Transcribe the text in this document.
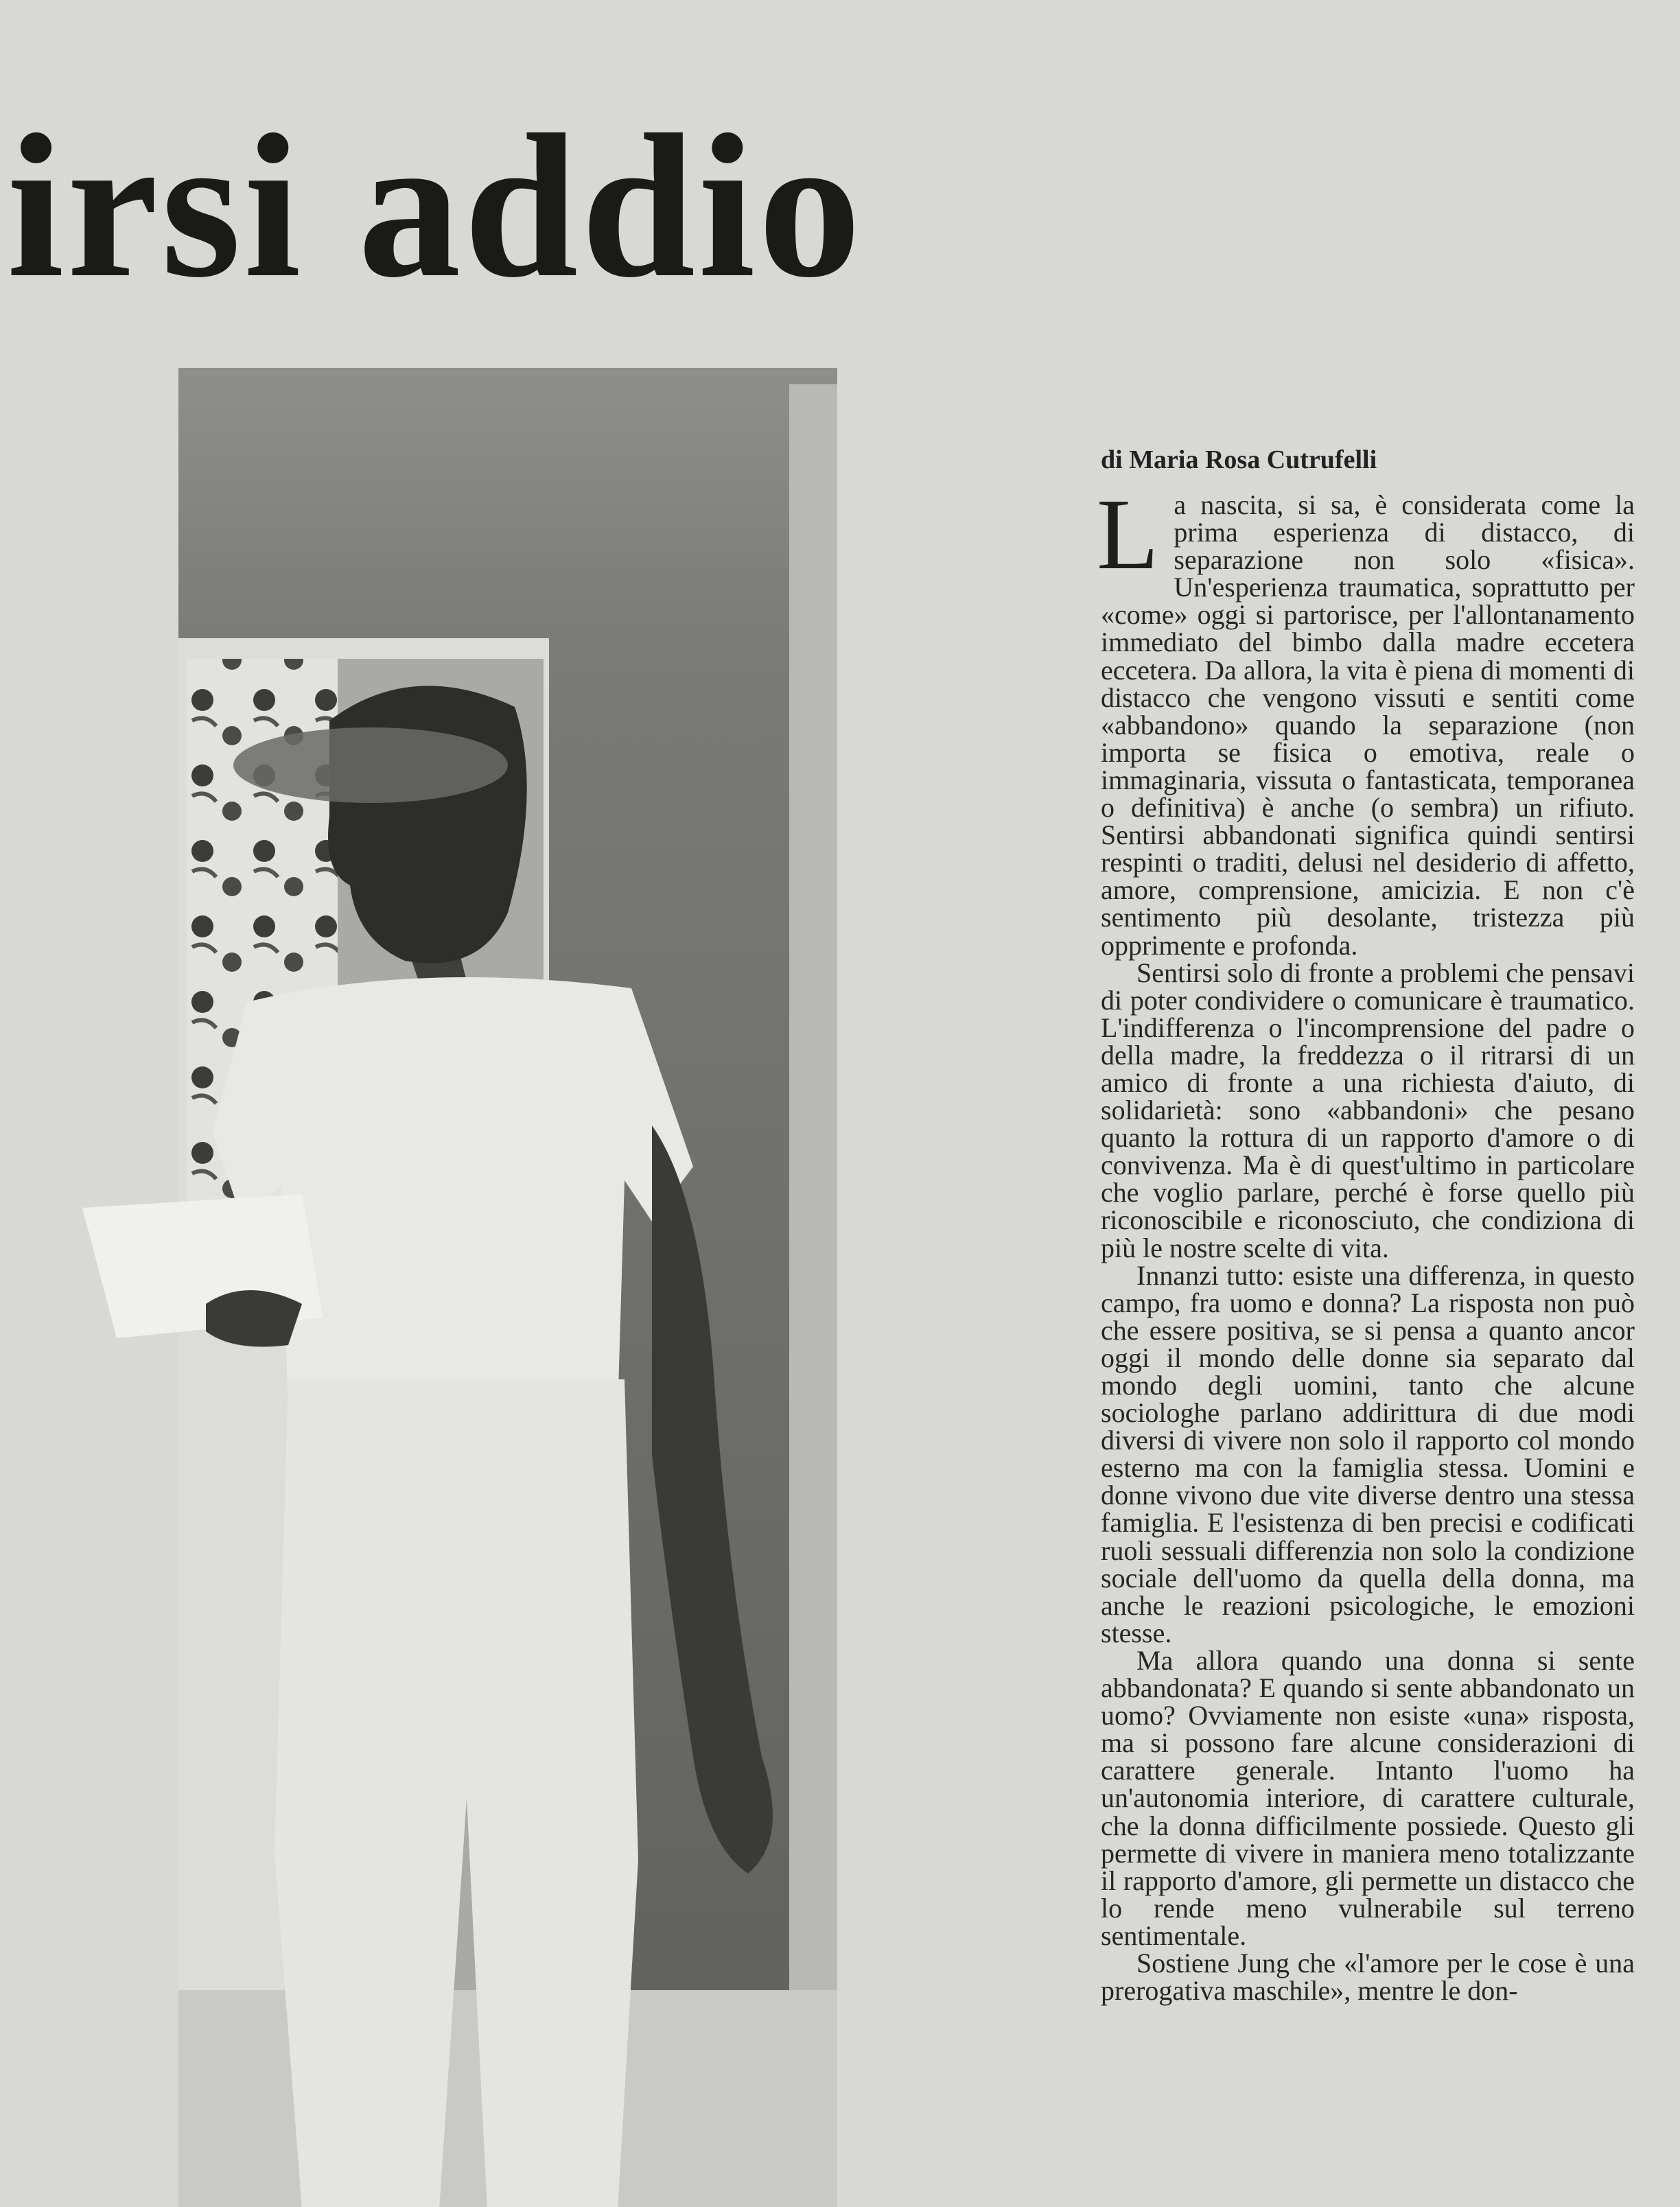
irsi addio
di Maria Rosa Cutrufelli

La nascita, si sa, è considerata come la prima esperienza di distacco, di separazione non solo «fisica». Un'esperienza traumatica, soprattutto per «come» oggi si partorisce, per l'allontanamento immediato del bimbo dalla madre eccetera eccetera. Da allora, la vita è piena di momenti di distacco che vengono vissuti e sentiti come «abbandono» quando la separazione (non importa se fisica o emotiva, reale o immaginaria, vissuta o fantasticata, temporanea o definitiva) è anche (o sembra) un rifiuto. Sentirsi abbandonati significa quindi sentirsi respinti o traditi, delusi nel desiderio di affetto, amore, comprensione, amicizia. E non c'è sentimento più desolante, tristezza più opprimente e profonda.

Sentirsi solo di fronte a problemi che pensavi di poter condividere o comunicare è traumatico. L'indifferenza o l'incomprensione del padre o della madre, la freddezza o il ritrarsi di un amico di fronte a una richiesta d'aiuto, di solidarietà: sono «abbandoni» che pesano quanto la rottura di un rapporto d'amore o di convivenza. Ma è di quest'ultimo in particolare che voglio parlare, perché è forse quello più riconoscibile e riconosciuto, che condiziona di più le nostre scelte di vita.

Innanzi tutto: esiste una differenza, in questo campo, fra uomo e donna? La risposta non può che essere positiva, se si pensa a quanto ancor oggi il mondo delle donne sia separato dal mondo degli uomini, tanto che alcune sociologhe parlano addirittura di due modi diversi di vivere non solo il rapporto col mondo esterno ma con la famiglia stessa. Uomini e donne vivono due vite diverse dentro una stessa famiglia. E l'esistenza di ben precisi e codificati ruoli sessuali differenzia non solo la condizione sociale dell'uomo da quella della donna, ma anche le reazioni psicologiche, le emozioni stesse.

Ma allora quando una donna si sente abbandonata? E quando si sente abbandonato un uomo? Ovviamente non esiste «una» risposta, ma si possono fare alcune considerazioni di carattere generale. Intanto l'uomo ha un'autonomia interiore, di carattere culturale, che la donna difficilmente possiede. Questo gli permette di vivere in maniera meno totalizzante il rapporto d'amore, gli permette un distacco che lo rende meno vulnerabile sul terreno sentimentale.

Sostiene Jung che «l'amore per le cose è una prerogativa maschile», mentre le don-
